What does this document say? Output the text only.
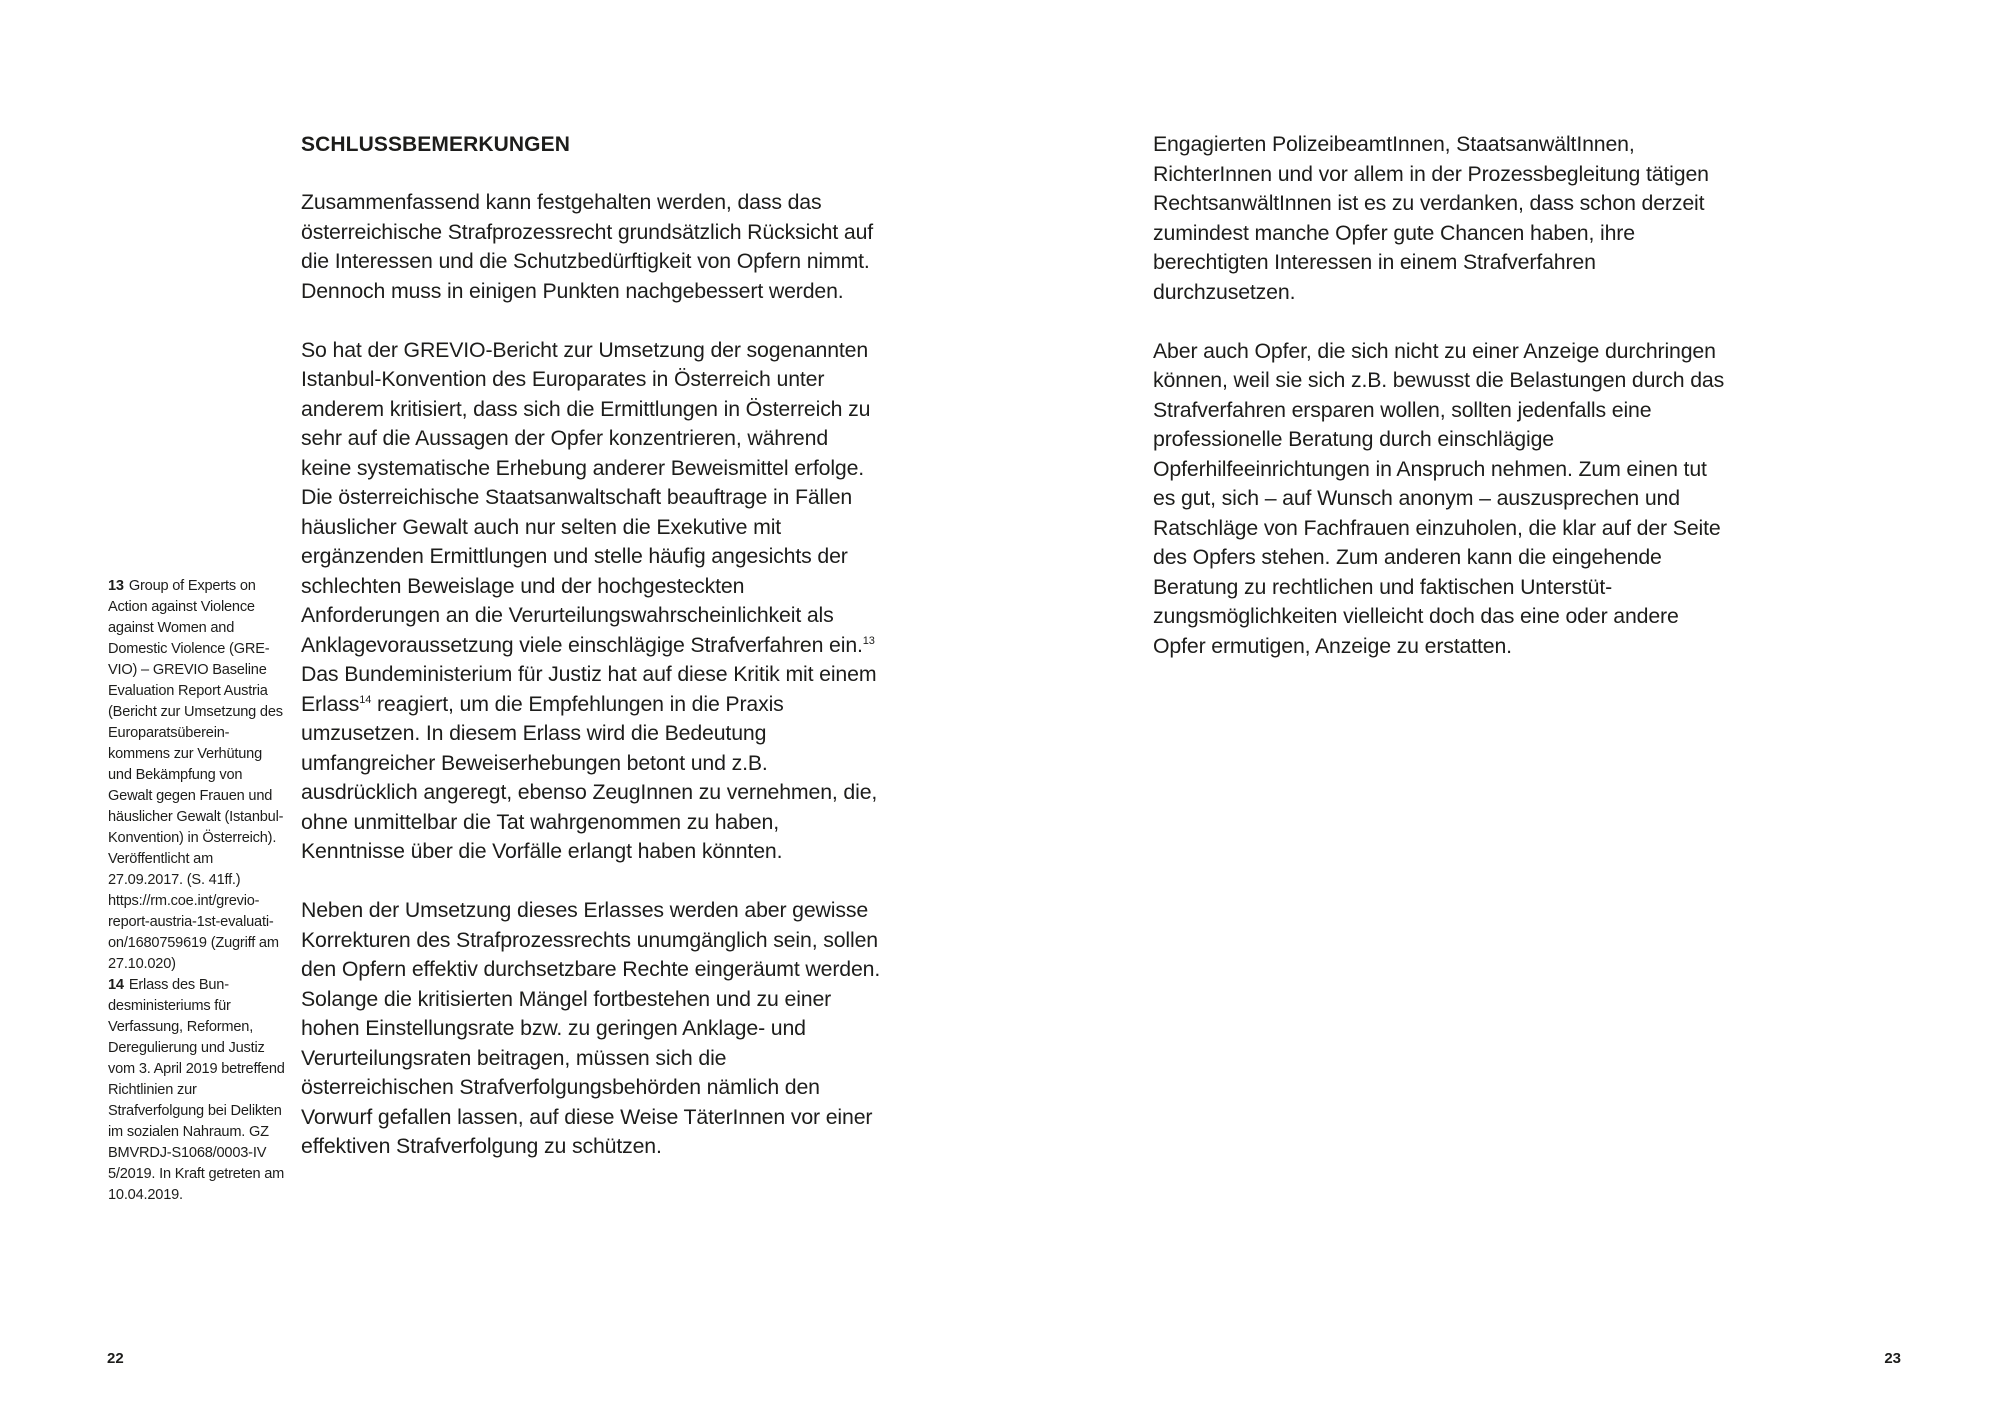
13 Group of Experts on Action against Violence against Women and Domestic Violence (GREVIO) – GREVIO Baseline Evaluation Report Austria (Bericht zur Umsetzung des Europaratsübereinkommens zur Verhütung und Bekämpfung von Gewalt gegen Frauen und häuslicher Gewalt (Istanbul-Konvention) in Österreich). Veröffentlicht am 27.09.2017. (S. 41ff.) https://rm.coe.int/grevio-report-austria-1st-evaluation/1680759619 (Zugriff am 27.10.020)

14 Erlass des Bundesministeriums für Verfassung, Reformen, Deregulierung und Justiz vom 3. April 2019 betreffend Richtlinien zur Strafverfolgung bei Delikten im sozialen Nahraum. GZ BMVRDJ-S1068/0003-IV 5/2019. In Kraft getreten am 10.04.2019.

SCHLUSSBEMERKUNGEN

Zusammenfassend kann festgehalten werden, dass das österreichische Strafprozessrecht grundsätzlich Rücksicht auf die Interessen und die Schutzbedürftigkeit von Opfern nimmt. Dennoch muss in einigen Punkten nachgebessert werden.

So hat der GREVIO-Bericht zur Umsetzung der sogenannten Istanbul-Konvention des Europarates in Österreich unter anderem kritisiert, dass sich die Ermittlungen in Österreich zu sehr auf die Aussagen der Opfer konzentrieren, während keine systematische Erhebung anderer Beweismittel erfolge. Die österreichische Staatsanwaltschaft beauftrage in Fällen häuslicher Gewalt auch nur selten die Exekutive mit ergänzenden Ermittlungen und stelle häufig angesichts der schlechten Beweislage und der hochgesteckten Anforderungen an die Verurteilungswahrscheinlichkeit als Anklagevoraussetzung viele einschlägige Strafverfahren ein.$^{13}$ Das Bundeministerium für Justiz hat auf diese Kritik mit einem Erlass$^{14}$ reagiert, um die Empfehlungen in die Praxis umzusetzen. In diesem Erlass wird die Bedeutung umfangreicher Beweiserhebungen betont und z.B. ausdrücklich angeregt, ebenso ZeugInnen zu vernehmen, die, ohne unmittelbar die Tat wahrgenommen zu haben, Kenntnisse über die Vorfälle erlangt haben könnten.

Neben der Umsetzung dieses Erlasses werden aber gewisse Korrekturen des Strafprozessrechts unumgänglich sein, sollen den Opfern effektiv durchsetzbare Rechte eingeräumt werden. Solange die kritisierten Mängel fortbestehen und zu einer hohen Einstellungsrate bzw. zu geringen Anklage- und Verurteilungsraten beitragen, müssen sich die österreichischen Strafverfolgungsbehörden nämlich den Vorwurf gefallen lassen, auf diese Weise TäterInnen vor einer effektiven Strafverfolgung zu schützen.

Engagierten PolizeibeamtInnen, StaatsanwältInnen, RichterInnen und vor allem in der Prozessbegleitung tätigen RechtsanwältInnen ist es zu verdanken, dass schon derzeit zumindest manche Opfer gute Chancen haben, ihre berechtigten Interessen in einem Strafverfahren durchzusetzen.

Aber auch Opfer, die sich nicht zu einer Anzeige durchringen können, weil sie sich z.B. bewusst die Belastungen durch das Strafverfahren ersparen wollen, sollten jedenfalls eine professionelle Beratung durch einschlägige Opferhilfeeinrichtungen in Anspruch nehmen. Zum einen tut es gut, sich – auf Wunsch anonym – auszusprechen und Ratschläge von Fachfrauen einzuholen, die klar auf der Seite des Opfers stehen. Zum anderen kann die eingehende Beratung zu rechtlichen und faktischen Unterstützungsmöglichkeiten vielleicht doch das eine oder andere Opfer ermutigen, Anzeige zu erstatten.

22	23
